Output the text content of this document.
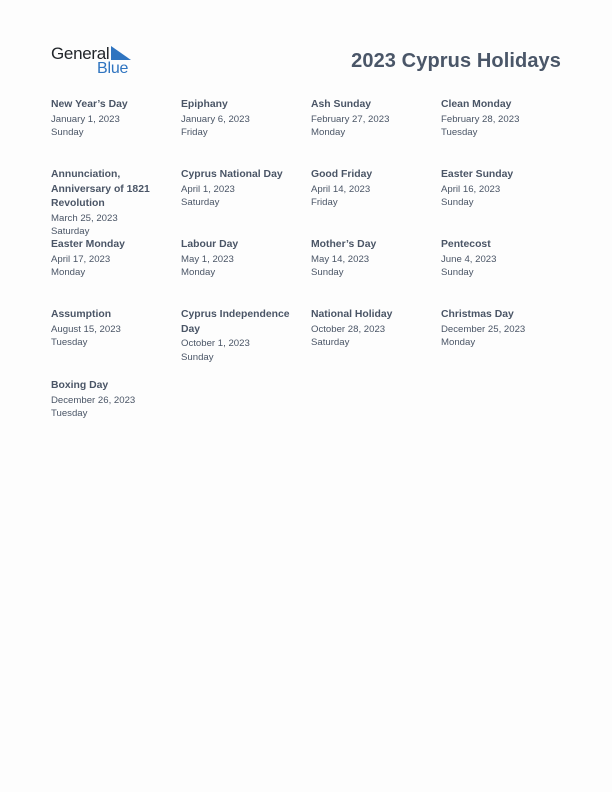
General
Blue	2023 Cyprus Holidays
New Year’s Day
January 1, 2023
Sunday
Epiphany
January 6, 2023
Friday
Ash Sunday
February 27, 2023
Monday
Clean Monday
February 28, 2023
Tuesday
Annunciation, Anniversary of 1821 Revolution
March 25, 2023
Saturday
Cyprus National Day
April 1, 2023
Saturday
Good Friday
April 14, 2023
Friday
Easter Sunday
April 16, 2023
Sunday
Easter Monday
April 17, 2023
Monday
Labour Day
May 1, 2023
Monday
Mother’s Day
May 14, 2023
Sunday
Pentecost
June 4, 2023
Sunday
Assumption
August 15, 2023
Tuesday
Cyprus Independence Day
October 1, 2023
Sunday
National Holiday
October 28, 2023
Saturday
Christmas Day
December 25, 2023
Monday
Boxing Day
December 26, 2023
Tuesday
